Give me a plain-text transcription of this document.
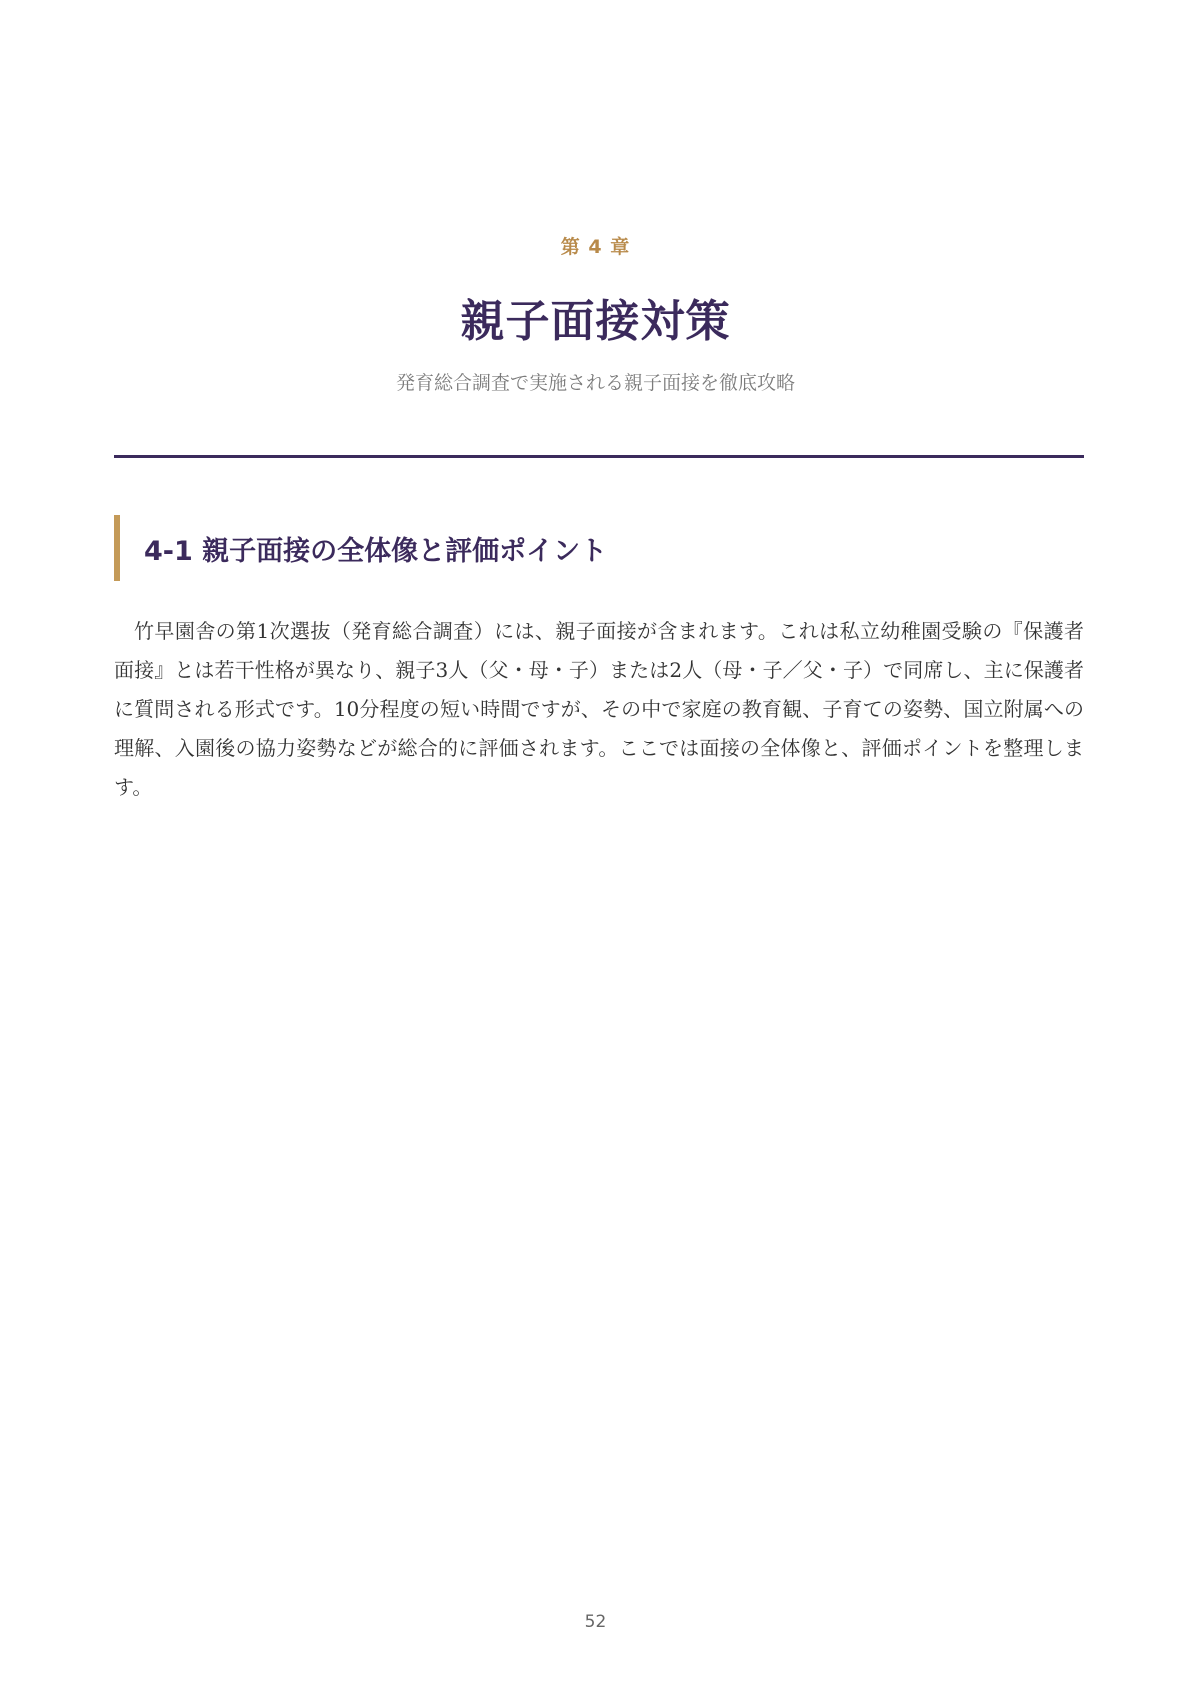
第 4 章
親子面接対策
発育総合調査で実施される親子面接を徹底攻略
4-1 親子面接の全体像と評価ポイント

竹早園舎の第1次選抜（発育総合調査）には、親子面接が含まれます。これは私立幼稚園受験の『保護者面接』とは若干性格が異なり、親子3人（父・母・子）または2人（母・子／父・子）で同席し、主に保護者に質問される形式です。10分程度の短い時間ですが、その中で家庭の教育観、子育ての姿勢、国立附属への理解、入園後の協力姿勢などが総合的に評価されます。ここでは面接の全体像と、評価ポイントを整理します。

52
